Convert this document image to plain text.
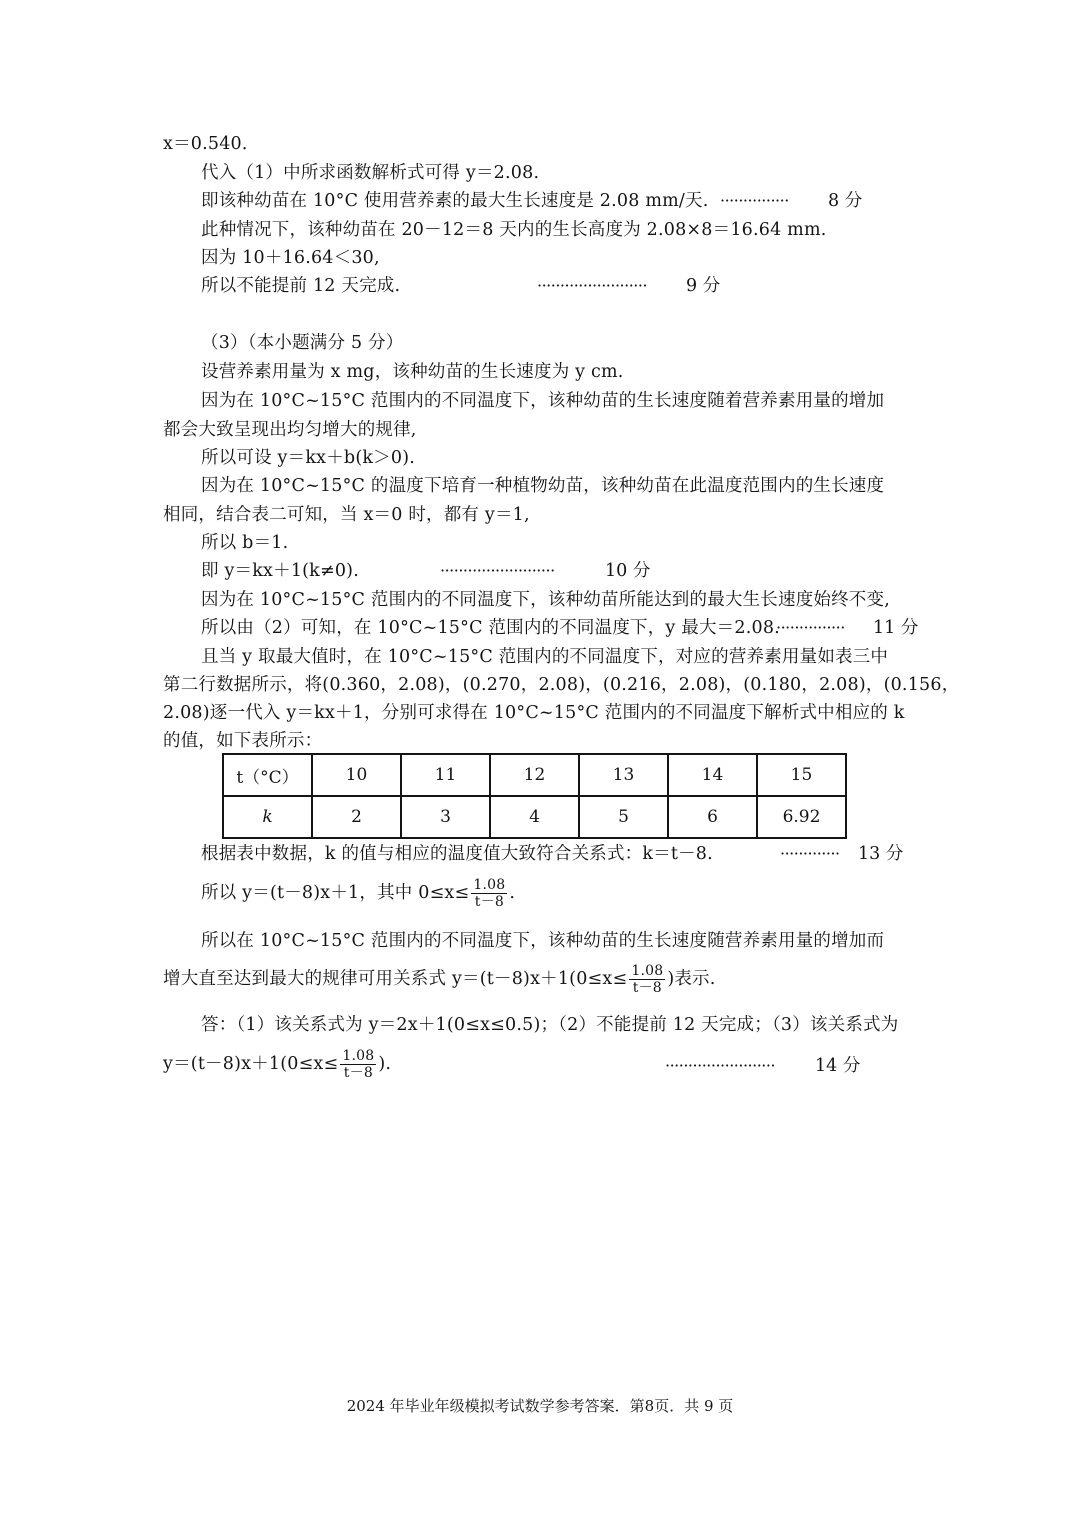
x＝0.540．
代入（1）中所求函数解析式可得 y＝2.08.
即该种幼苗在 10°C 使用营养素的最大生长速度是 2.08 mm/天. ··············· 8 分
此种情况下，该种幼苗在 20－12＝8 天内的生长高度为 2.08×8＝16.64 mm.
因为 10＋16.64＜30,
所以不能提前 12 天完成.	························ 9 分
（3）（本小题满分 5 分）
设营养素用量为 x mg，该种幼苗的生长速度为 y cm.
因为在 10°C~15°C 范围内的不同温度下，该种幼苗的生长速度随着营养素用量的增加
都会大致呈现出均匀增大的规律,
所以可设 y＝kx＋b(k＞0).
因为在 10°C~15°C 的温度下培育一种植物幼苗，该种幼苗在此温度范围内的生长速度
相同，结合表二可知，当 x＝0 时，都有 y＝1,
所以 b＝1.
即 y＝kx＋1(k≠0).	·························	10 分
因为在 10°C~15°C 范围内的不同温度下，该种幼苗所能达到的最大生长速度始终不变,
所以由（2）可知，在 10°C~15°C 范围内的不同温度下，y 最大＝2.08.
··············· 11 分
且当 y 取最大值时，在 10°C~15°C 范围内的不同温度下，对应的营养素用量如表三中
第二行数据所示，将(0.360，2.08)，(0.270，2.08)，(0.216，2.08)，(0.180，2.08)，(0.156，
2.08)逐一代入 y＝kx＋1，分别可求得在 10°C~15°C 范围内的不同温度下解析式中相应的 k
的值，如下表所示：
t（°C）	10	11	12	13	14	15
k	2	3	4	5	6	6.92
根据表中数据，k 的值与相应的温度值大致符合关系式：k＝t－8.	············· 13 分
所以 y＝(t－8)x＋1，其中 $0\le x\le \frac{1.08}{t-8}$ .
所以在 10°C~15°C 范围内的不同温度下，该种幼苗的生长速度随营养素用量的增加而
增大直至达到最大的规律可用关系式 $y=(t-8)x+1(0\le x\le \frac{1.08}{t-8}$ )表示.
答：（1）该关系式为 y＝2x＋1(0≤x≤0.5)；（2）不能提前 12 天完成；（3）该关系式为
$y=(t-8)x+1(0\le x\le \frac{1.08}{t-8}$ ).	························ 14 分
2024 年毕业年级模拟考试数学参考答案．第8页．共 9 页
